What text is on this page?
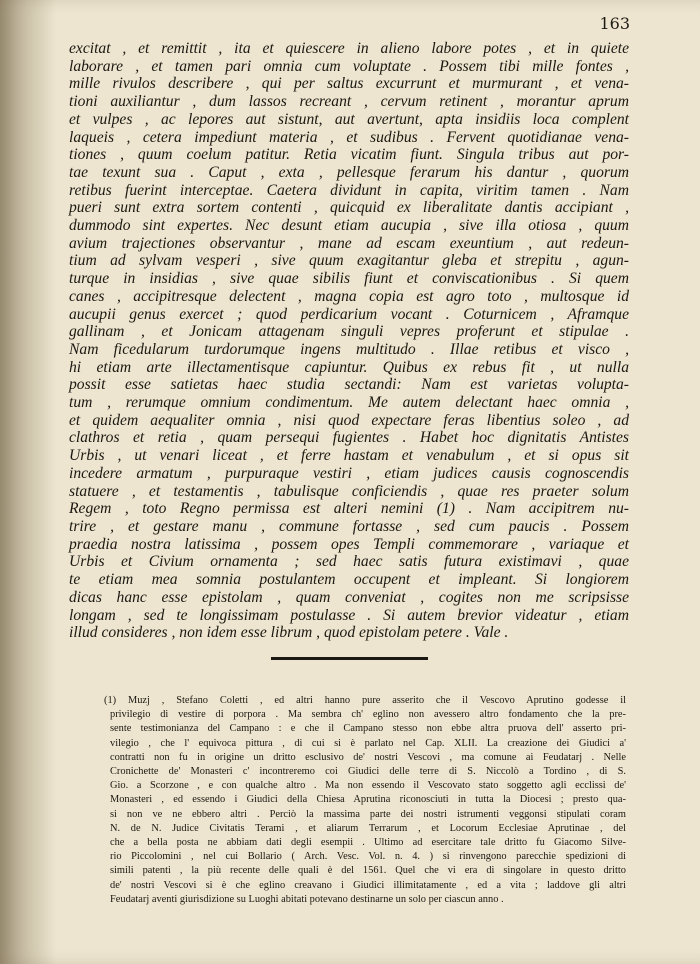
163
excitat , et remittit , ita et quiescere in alieno labore potes , et in quiete
laborare , et tamen pari omnia cum voluptate . Possem tibi mille fontes ,
mille rivulos describere , qui per saltus excurrunt et murmurant , et vena-
tioni auxiliantur , dum lassos recreant , cervum retinent , morantur aprum
et vulpes , ac lepores aut sistunt, aut avertunt, apta insidiis loca complent
laqueis , cetera impediunt materia , et sudibus . Fervent quotidianae vena-
tiones , quum coelum patitur. Retia vicatim fiunt. Singula tribus aut por-
tae texunt sua . Caput , exta , pellesque ferarum his dantur , quorum
retibus fuerint interceptae. Caetera dividunt in capita, viritim tamen . Nam
pueri sunt extra sortem contenti , quicquid ex liberalitate dantis accipiant ,
dummodo sint expertes. Nec desunt etiam aucupia , sive illa otiosa , quum
avium trajectiones observantur , mane ad escam exeuntium , aut redeun-
tium ad sylvam vesperi , sive quum exagitantur gleba et strepitu , agun-
turque in insidias , sive quae sibilis fiunt et conviscationibus . Si quem
canes , accipitresque delectent , magna copia est agro toto , multosque id
aucupii genus exercet ; quod perdicarium vocant . Coturnicem , Aframque
gallinam , et Jonicam attagenam singuli vepres proferunt et stipulae .
Nam ficedularum turdorumque ingens multitudo . Illae retibus et visco ,
hi etiam arte illectamentisque capiuntur. Quibus ex rebus fit , ut nulla
possit esse satietas haec studia sectandi: Nam est varietas volupta-
tum , rerumque omnium condimentum. Me autem delectant haec omnia ,
et quidem aequaliter omnia , nisi quod expectare feras libentius soleo , ad
clathros et retia , quam persequi fugientes . Habet hoc dignitatis Antistes
Urbis , ut venari liceat , et ferre hastam et venabulum , et si opus sit
incedere armatum , purpuraque vestiri , etiam judices causis cognoscendis
statuere , et testamentis , tabulisque conficiendis , quae res praeter solum
Regem , toto Regno permissa est alteri nemini (1) . Nam accipitrem nu-
trire , et gestare manu , commune fortasse , sed cum paucis . Possem
praedia nostra latissima , possem opes Templi commemorare , variaque et
Urbis et Civium ornamenta ; sed haec satis futura existimavi , quae
te etiam mea somnia postulantem occupent et impleant. Si longiorem
dicas hanc esse epistolam , quam conveniat , cogites non me scripsisse
longam , sed te longissimam postulasse . Si autem brevior videatur , etiam
illud consideres , non idem esse librum , quod epistolam petere . Vale .
(1) Muzj , Stefano Coletti , ed altri hanno pure asserito che il Vescovo Aprutino godesse il
privilegio di vestire di porpora . Ma sembra ch' eglino non avessero altro fondamento che la pre-
sente testimonianza del Campano : e che il Campano stesso non ebbe altra pruova dell' asserto pri-
vilegio , che l' equivoca pittura , di cui si è parlato nel Cap. XLII. La creazione dei Giudici a'
contratti non fu in origine un dritto esclusivo de' nostri Vescovi , ma comune ai Feudatarj . Nelle
Cronichette de' Monasteri c' incontreremo coi Giudici delle terre di S. Niccolò a Tordino , di S.
Gio. a Scorzone , e con qualche altro . Ma non essendo il Vescovato stato soggetto agli ecclissi de'
Monasteri , ed essendo i Giudici della Chiesa Aprutina riconosciuti in tutta la Diocesi ; presto qua-
si non ve ne ebbero altri . Perciò la massima parte dei nostri istrumenti veggonsi stipulati coram
N. de N. Judice Civitatis Terami , et aliarum Terrarum , et Locorum Ecclesiae Aprutinae , del
che a bella posta ne abbiam dati degli esempii . Ultimo ad esercitare tale dritto fu Giacomo Silve-
rio Piccolomini , nel cui Bollario ( Arch. Vesc. Vol. n. 4. ) si rinvengono parecchie spedizioni di
simili patenti , la più recente delle quali è del 1561. Quel che vi era di singolare in questo dritto
de' nostri Vescovi si è che eglino creavano i Giudici illimitatamente , ed a vita ; laddove gli altri
Feudatarj aventi giurisdizione su Luoghi abitati potevano destinarne un solo per ciascun anno .
